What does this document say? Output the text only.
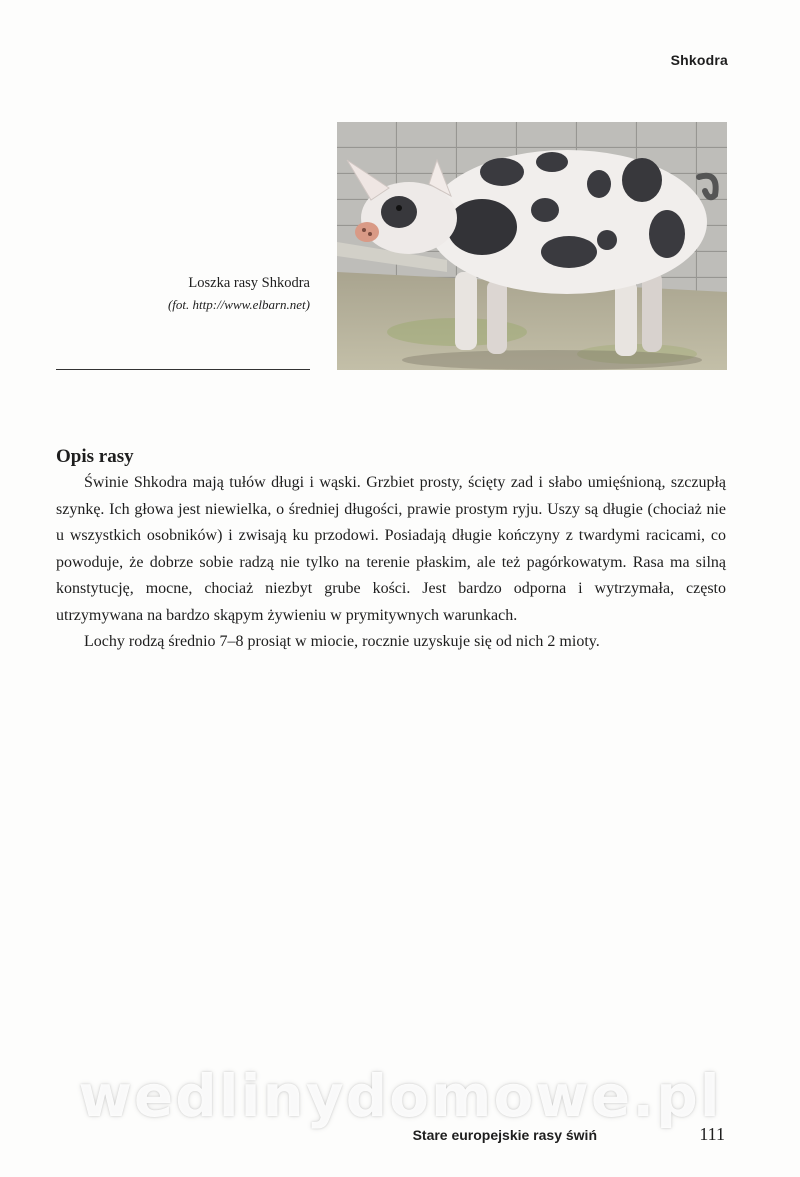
Shkodra
Loszka rasy Shkodra
(fot. http://www.elbarn.net)
Opis rasy

Świnie Shkodra mają tułów długi i wąski. Grzbiet prosty, ścięty zad i słabo umięśnioną, szczupłą szynkę. Ich głowa jest niewielka, o średniej długości, prawie prostym ryju. Uszy są długie (chociaż nie u wszystkich osobników) i zwisają ku przodowi. Posiadają długie kończyny z twardymi racicami, co powoduje, że dobrze sobie radzą nie tylko na terenie płaskim, ale też pagórkowatym. Rasa ma silną konstytucję, mocne, chociaż niezbyt grube kości. Jest bardzo odporna i wytrzymała, często utrzymywana na bardzo skąpym żywieniu w prymitywnych warunkach.

Lochy rodzą średnio 7–8 prosiąt w miocie, rocznie uzyskuje się od nich 2 mioty.

wedlinydomowe.pl
Stare europejskie rasy świń	111
